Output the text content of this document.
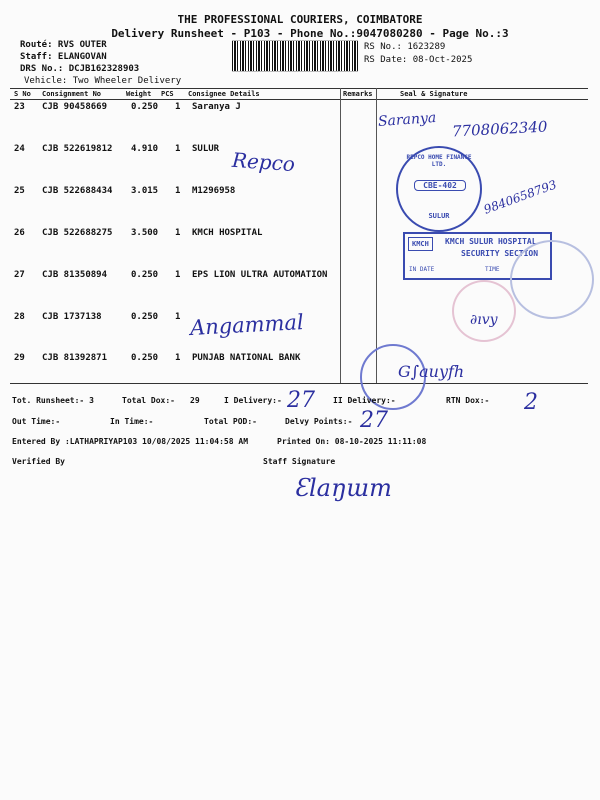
THE PROFESSIONAL COURIERS, COIMBATORE
Delivery Runsheet - P103 - Phone No.:9047080280 - Page No.:3
Routé: RVS OUTER
Staff: ELANGOVAN
DRS No.: DCJB162328903
Vehicle: Two Wheeler Delivery
RS No.: 1623289
RS Date: 08-Oct-2025
S No Consignment No	Weight PCS Consignee Details	Remarks	Seal & Signature
23 CJB 90458669	0.250 1 Saranya J
24 CJB 522619812 4.910 1 SULUR
25 CJB 522688434 3.015 1 M1296958
26 CJB 522688275 3.500 1 KMCH HOSPITAL
27 CJB 81350894	0.250 1 EPS LION ULTRA AUTOMATION
28 CJB 1737138	0.250 1
29 CJB 81392871	0.250 1 PUNJAB NATIONAL BANK
Saranya 7708062340
Repco
9840658793
Angammal
REPCO HOME FINANCE LTD.
CBE-402
SULUR
KMCH	KMCH SULUR HOSPITAL
SECURITY SECTION
IN DATE	TIME
∂ıvy
G∫auyfh
Tot. Runsheet:- 3	Total Dox:- 29	I Delivery:- 27 II Delivery:-	RTN Dox:- 2
Out Time:-	In Time:-	Total POD:-	Delvy Points:- 27
Entered By :LATHAPRIYAP103 10/08/2025 11:04:58 AM	Printed On: 08-10-2025 11:11:08
Verified By	Staff Signature
Ɛlaŋɯm
